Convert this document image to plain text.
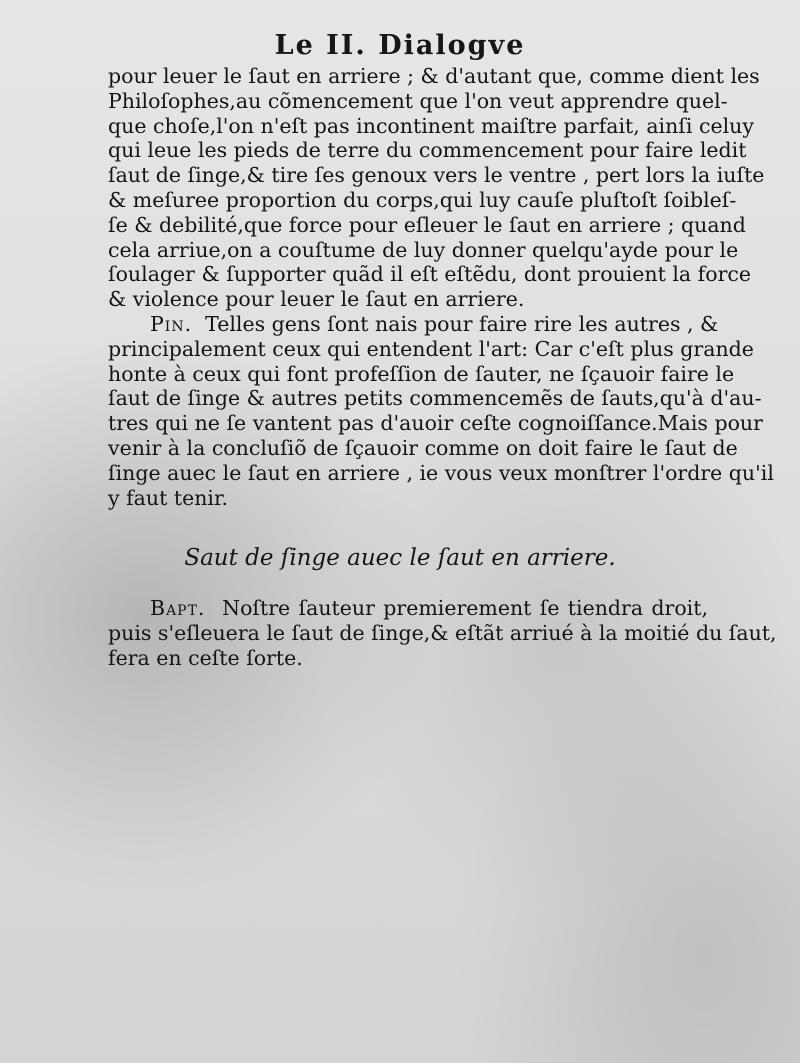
Le II. Dialogve
pour leuer le ſaut en arriere ; & d'autant que, comme dient les
Philoſophes,au cõmencement que l'on veut apprendre quel-
que choſe,l'on n'eſt pas incontinent maiſtre parfait, ainſi celuy
qui leue les pieds de terre du commencement pour faire ledit
ſaut de ſinge,& tire ſes genoux vers le ventre , pert lors la iuſte
& meſuree proportion du corps,qui luy cauſe pluſtoſt ſoibleſ-
ſe & debilité,que force pour eſleuer le ſaut en arriere ; quand
cela arriue,on a couſtume de luy donner quelqu'ayde pour le
ſoulager & ſupporter quãd il eſt eſtẽdu, dont prouient la force
& violence pour leuer le ſaut en arriere.
Pin. Telles gens ſont nais pour faire rire les autres , &
principalement ceux qui entendent l'art: Car c'eſt plus grande
honte à ceux qui font profeſſion de ſauter, ne ſçauoir faire le
ſaut de ſinge & autres petits commencemẽs de ſauts,qu'à d'au-
tres qui ne ſe vantent pas d'auoir ceſte cognoiſſance.Mais pour
venir à la concluſiõ de ſçauoir comme on doit faire le ſaut de
ſinge auec le ſaut en arriere , ie vous veux monſtrer l'ordre qu'il
y faut tenir.
Saut de ſinge auec le ſaut en arriere.
Bapt. Noſtre ſauteur premierement ſe tiendra droit,
puis s'eſleuera le ſaut de ſinge,& eſtãt arriué à la moitié du ſaut,
fera en ceſte ſorte.
